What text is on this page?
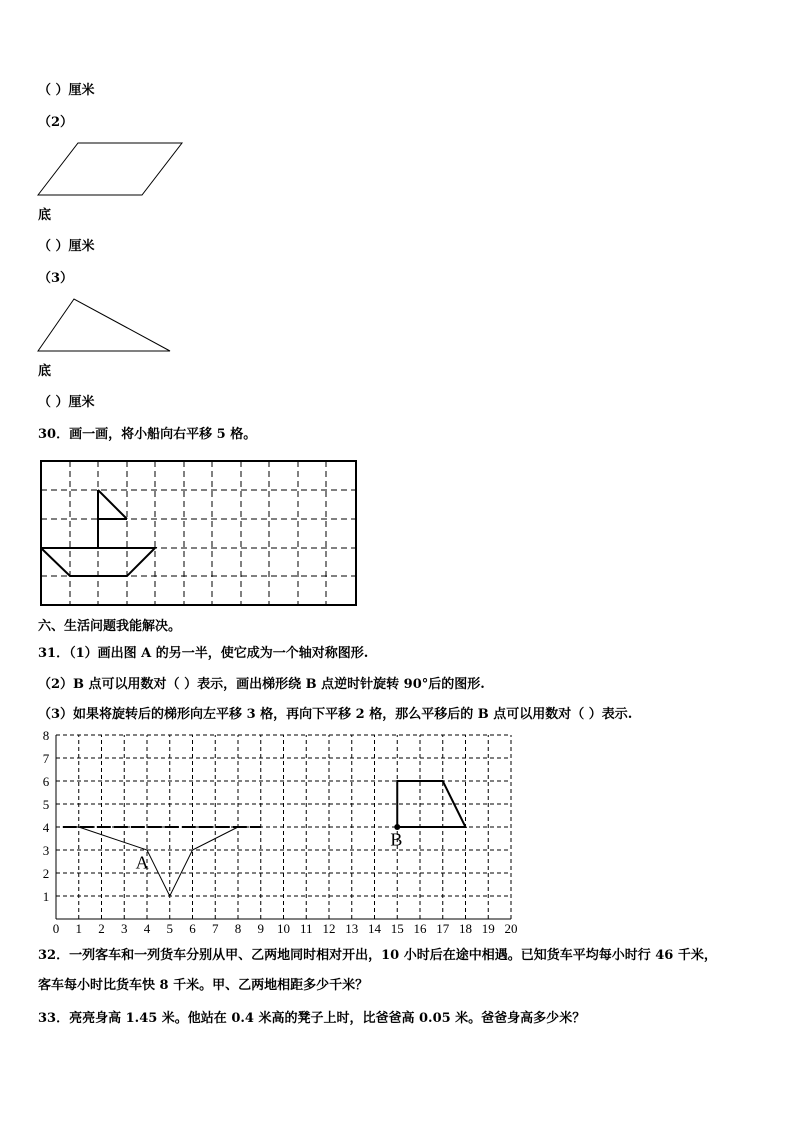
（ ）厘米
（2）
底
（ ）厘米
（3）
底
（ ）厘米
30．画一画，将小船向右平移 5 格。
六、生活问题我能解决。
31．（1）画出图 A 的另一半，使它成为一个轴对称图形.
（2）B 点可以用数对（ ）表示，画出梯形绕 B 点逆时针旋转 90°后的图形.
（3）如果将旋转后的梯形向左平移 3 格，再向下平移 2 格，那么平移后的 B 点可以用数对（ ）表示.
0 1 2 3 4 5 6 7 8 9 10 11 12 13 14 15 16 17 18 19 20
1
2
3
4
5
6
7
8
A
B
32．一列客车和一列货车分别从甲、乙两地同时相对开出，10 小时后在途中相遇。已知货车平均每小时行 46 千米，
客车每小时比货车快 8 千米。甲、乙两地相距多少千米？
33．亮亮身高 1.45 米。他站在 0.4 米高的凳子上时，比爸爸高 0.05 米。爸爸身高多少米？
